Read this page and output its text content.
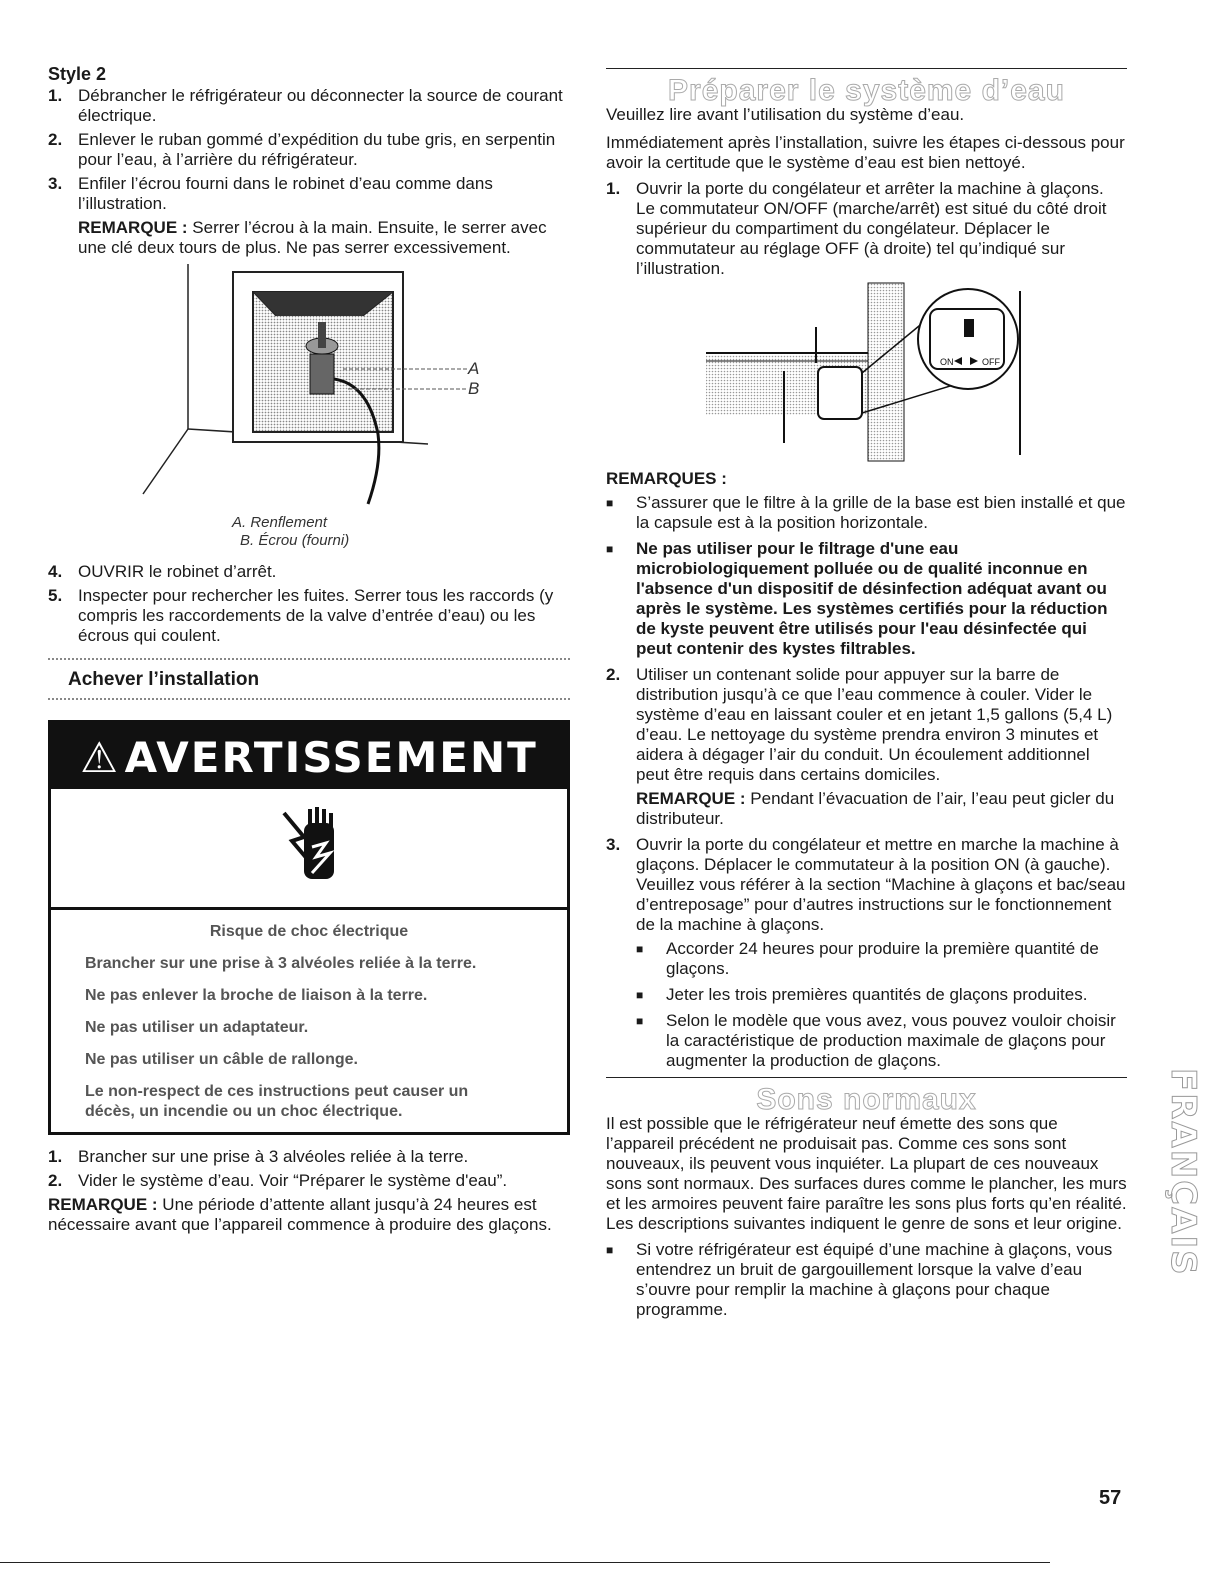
Style 2
1. Débrancher le réfrigérateur ou déconnecter la source de courant électrique.
2. Enlever le ruban gommé d’expédition du tube gris, en serpentin pour l’eau, à l’arrière du réfrigérateur.
3. Enfiler l’écrou fourni dans le robinet d’eau comme dans l’illustration.
REMARQUE : Serrer l’écrou à la main. Ensuite, le serrer avec une clé deux tours de plus. Ne pas serrer excessivement.
A
B
A. Renflement
B. Écrou (fourni)
4. OUVRIR le robinet d’arrêt.
5. Inspecter pour rechercher les fuites. Serrer tous les raccords (y compris les raccordements de la valve d’entrée d’eau) ou les écrous qui coulent.
Achever l’installation
⚠ AVERTISSEMENT

Risque de choc électrique

Brancher sur une prise à 3 alvéoles reliée à la terre.

Ne pas enlever la broche de liaison à la terre.

Ne pas utiliser un adaptateur.

Ne pas utiliser un câble de rallonge.

Le non-respect de ces instructions peut causer un décès, un incendie ou un choc électrique.

1. Brancher sur une prise à 3 alvéoles reliée à la terre.
2. Vider le système d’eau. Voir “Préparer le système d'eau”.
REMARQUE : Une période d’attente allant jusqu’à 24 heures est nécessaire avant que l’appareil commence à produire des glaçons.
Préparer le système d’eau
Veuillez lire avant l’utilisation du système d’eau.
Immédiatement après l’installation, suivre les étapes ci-dessous pour avoir la certitude que le système d’eau est bien nettoyé.
1. Ouvrir la porte du congélateur et arrêter la machine à glaçons. Le commutateur ON/OFF (marche/arrêt) est situé du côté droit supérieur du compartiment du congélateur. Déplacer le commutateur au réglage OFF (à droite) tel qu’indiqué sur l’illustration.
ON	OFF
REMARQUES :
■ S’assurer que le filtre à la grille de la base est bien installé et que la capsule est à la position horizontale.
■ Ne pas utiliser pour le filtrage d'une eau microbiologiquement polluée ou de qualité inconnue en l'absence d'un dispositif de désinfection adéquat avant ou après le système. Les systèmes certifiés pour la réduction de kyste peuvent être utilisés pour l'eau désinfectée qui peut contenir des kystes filtrables.
2. Utiliser un contenant solide pour appuyer sur la barre de distribution jusqu’à ce que l’eau commence à couler. Vider le système d’eau en laissant couler et en jetant 1,5 gallons (5,4 L) d’eau. Le nettoyage du système prendra environ 3 minutes et aidera à dégager l’air du conduit. Un écoulement additionnel peut être requis dans certains domiciles.
REMARQUE : Pendant l’évacuation de l’air, l’eau peut gicler du distributeur.
3. Ouvrir la porte du congélateur et mettre en marche la machine à glaçons. Déplacer le commutateur à la position ON (à gauche). Veuillez vous référer à la section “Machine à glaçons et bac/seau d’entreposage” pour d’autres instructions sur le fonctionnement de la machine à glaçons.
■ Accorder 24 heures pour produire la première quantité de glaçons.
■ Jeter les trois premières quantités de glaçons produites.
■ Selon le modèle que vous avez, vous pouvez vouloir choisir la caractéristique de production maximale de glaçons pour augmenter la production de glaçons.
Sons normaux
Il est possible que le réfrigérateur neuf émette des sons que l’appareil précédent ne produisait pas. Comme ces sons sont nouveaux, ils peuvent vous inquiéter. La plupart de ces nouveaux sons sont normaux. Des surfaces dures comme le plancher, les murs et les armoires peuvent faire paraître les sons plus forts qu’en réalité. Les descriptions suivantes indiquent le genre de sons et leur origine.
■ Si votre réfrigérateur est équipé d’une machine à glaçons, vous entendrez un bruit de gargouillement lorsque la valve d’eau s’ouvre pour remplir la machine à glaçons pour chaque programme.
FRANÇAIS
57
